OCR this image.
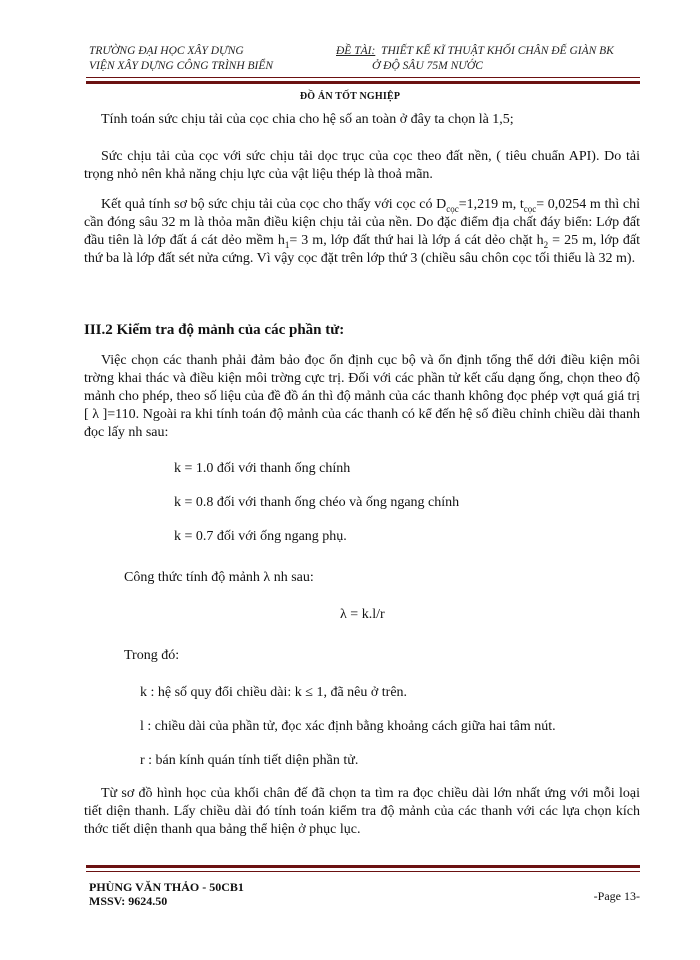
TRƯỜNG ĐẠI HỌC XÂY DỰNG
VIỆN XÂY DỰNG CÔNG TRÌNH BIỂN
ĐỀ TÀI: THIẾT KẾ KĨ THUẬT KHỐI CHÂN ĐẾ GIÀN BK
Ở ĐỘ SÂU 75M NƯỚC
ĐỒ ÁN TỐT NGHIỆP

Tính toán sức chịu tải của cọc chia cho hệ số an toàn ở đây ta chọn là 1,5;

Sức chịu tải của cọc với sức chịu tải dọc trục của cọc theo đất nền, ( tiêu chuẩn API). Do tải trọng nhỏ nên khả năng chịu lực của vật liệu thép là thoả mãn.

Kết quả tính sơ bộ sức chịu tải của cọc cho thấy với cọc có $D_{cọc}=1,219$ m, $t_{cọc}= 0,0254$ m thì chỉ cần đóng sâu 32 m là thỏa mãn điều kiện chịu tải của nền. Do đặc điểm địa chất đáy biển: Lớp đất đầu tiên là lớp đất á cát dẻo mềm $h_1= 3$ m, lớp đất thứ hai là lớp á cát dẻo chặt $h_2 = 25$ m, lớp đất thứ ba là lớp đất sét nửa cứng. Vì vậy cọc đặt trên lớp thứ 3 (chiều sâu chôn cọc tối thiểu là 32 m).

III.2 Kiểm tra độ mảnh của các phần tử:

Việc chọn các thanh phải đảm bảo đọc ổn định cục bộ và ổn định tổng thể dới điều kiện môi trờng khai thác và điều kiện môi trờng cực trị. Đối với các phần tử kết cấu dạng ống, chọn theo độ mảnh cho phép, theo số liệu của đề đồ án thì độ mảnh của các thanh không đọc phép vợt quá giá trị [ λ ]=110. Ngoài ra khi tính toán độ mảnh của các thanh có kể đến hệ số điều chỉnh chiều dài thanh đọc lấy nh sau:

k = 1.0 đối với thanh ống chính

k = 0.8 đối với thanh ống chéo và ống ngang chính

k = 0.7 đối với ống ngang phụ.

Công thức tính độ mảnh λ nh sau:

λ = k.l/r

Trong đó:

k : hệ số quy đổi chiều dài: k ≤ 1, đã nêu ở trên.

l : chiều dài của phần tử, đọc xác định bằng khoảng cách giữa hai tâm nút.

r : bán kính quán tính tiết diện phần tử.

Từ sơ đồ hình học của khối chân đế đã chọn ta tìm ra đọc chiều dài lớn nhất ứng với mỗi loại tiết diện thanh. Lấy chiều dài đó tính toán kiểm tra độ mảnh của các thanh với các lựa chọn kích thớc tiết diện thanh qua bảng thể hiện ở phục lục.

PHÙNG VĂN THẢO - 50CB1
MSSV: 9624.50	-Page 13-
